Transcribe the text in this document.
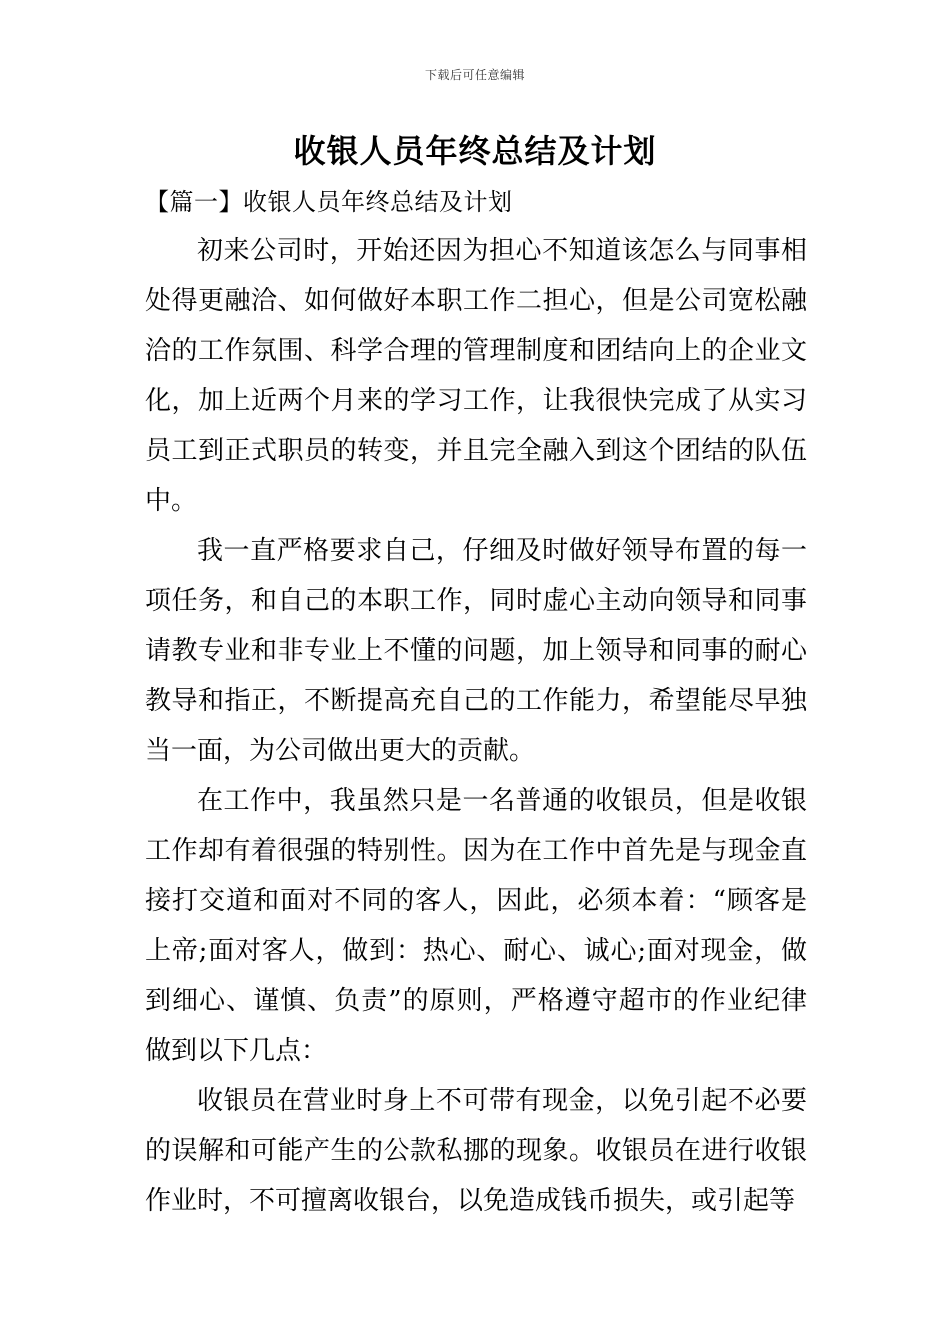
下载后可任意编辑
收银人员年终总结及计划
【篇一】收银人员年终总结及计划

初来公司时，开始还因为担心不知道该怎么与同事相处得更融洽、如何做好本职工作二担心，但是公司宽松融洽的工作氛围、科学合理的管理制度和团结向上的企业文化，加上近两个月来的学习工作，让我很快完成了从实习员工到正式职员的转变，并且完全融入到这个团结的队伍中。

我一直严格要求自己，仔细及时做好领导布置的每一项任务，和自己的本职工作，同时虚心主动向领导和同事请教专业和非专业上不懂的问题，加上领导和同事的耐心教导和指正，不断提高充自己的工作能力，希望能尽早独当一面，为公司做出更大的贡献。

在工作中，我虽然只是一名普通的收银员，但是收银工作却有着很强的特别性。因为在工作中首先是与现金直接打交道和面对不同的客人，因此，必须本着：“顾客是上帝;面对客人，做到：热心、耐心、诚心;面对现金，做到细心、谨慎、负责”的原则，严格遵守超市的作业纪律做到以下几点：

收银员在营业时身上不可带有现金，以免引起不必要的误解和可能产生的公款私挪的现象。收银员在进行收银作业时，不可擅离收银台，以免造成钱币损失，或引起等
